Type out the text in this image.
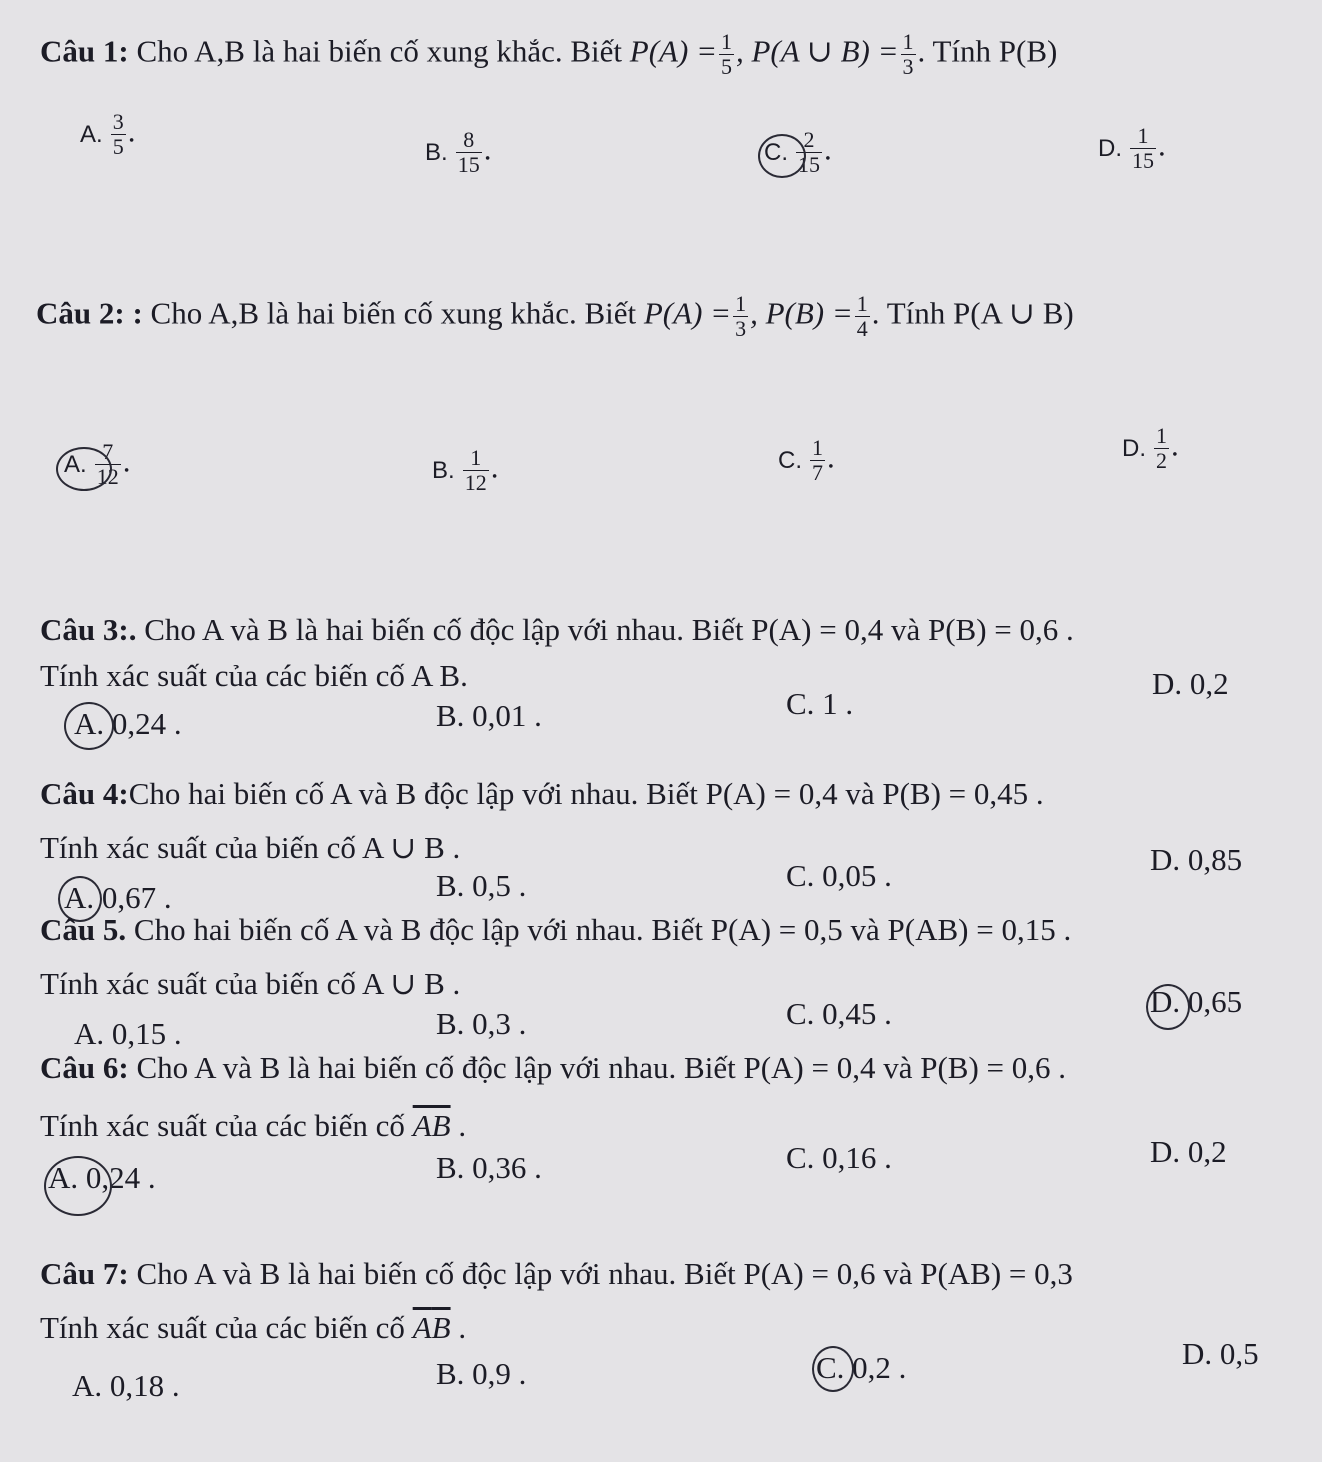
Câu 1: Cho A,B là hai biến cố xung khắc. Biết $P(A) = \frac{1}{5}$ , P(A ∪ $B) = \frac{1}{3}$ . Tính P(B)
A. $\frac{3}{5}$ .
B. $\frac{8}{15}$ .	C. $\frac{2}{15}$ .	D. $\frac{1}{15}$ .
Câu 2: : Cho A,B là hai biến cố xung khắc. Biết $P(A) = \frac{1}{3}$ , $P(B) = \frac{1}{4}$ . Tính P(A ∪ B)
A. $\frac{7}{12}$ .	B. $\frac{1}{12}$ .	C. $\frac{1}{7}$ .	D. $\frac{1}{2}$ .
Câu 3:. Cho A và B là hai biến cố độc lập với nhau. Biết P(A) = 0,4 và P(B) = 0,6 .
Tính xác suất của các biến cố A B.
A. 0,24 .	B. 0,01 .	C. 1 .
D. 0,2
Câu 4:Cho hai biến cố A và B độc lập với nhau. Biết P(A) = 0,4 và P(B) = 0,45 .
Tính xác suất của biến cố A ∪ B .
A. 0,67 .	B. 0,5 .	C. 0,05 .	D. 0,85
Câu 5. Cho hai biến cố A và B độc lập với nhau. Biết P(A) = 0,5 và P(AB) = 0,15 .
Tính xác suất của biến cố A ∪ B .
A. 0,15 .	B. 0,3 .	C. 0,45 .	D. 0,65
Câu 6: Cho A và B là hai biến cố độc lập với nhau. Biết P(A) = 0,4 và P(B) = 0,6 .
Tính xác suất của các biến cố $\overline{AB}$ .
A. 0,24 .	B. 0,36 .	C. 0,16 .	D. 0,2
Câu 7: Cho A và B là hai biến cố độc lập với nhau. Biết P(A) = 0,6 và P(AB) = 0,3
Tính xác suất của các biến cố $\overline{A}\overline{B}$ .
A. 0,18 .	B. 0,9 .	C. 0,2 .	D. 0,5
